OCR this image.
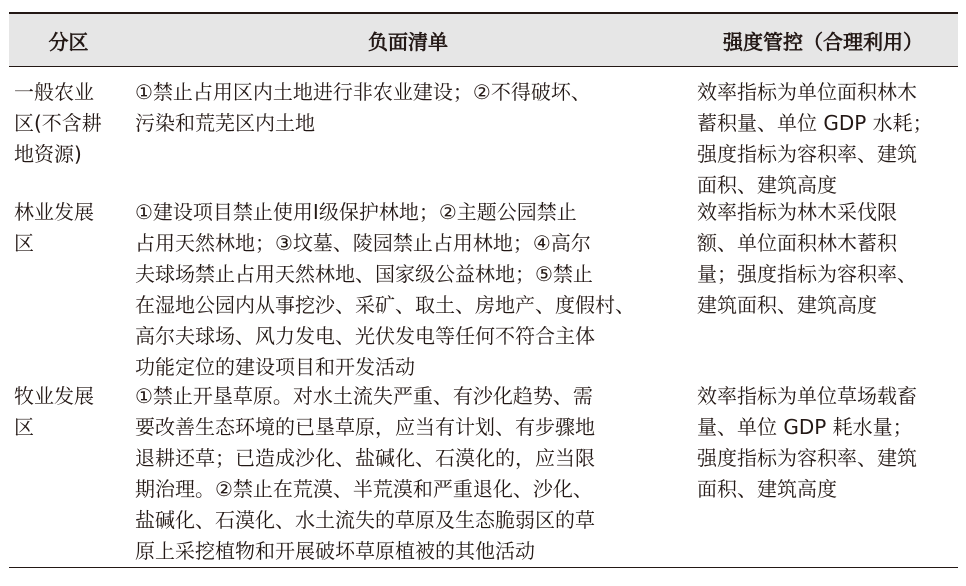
分区	负面清单	强度管控（合理利用）
一般农业
区(不含耕
地资源)
①禁止占用区内土地进行非农业建设；②不得破坏、
污染和荒芜区内土地
效率指标为单位面积林木
蓄积量、单位 GDP 水耗；
强度指标为容积率、建筑
面积、建筑高度
林业发展
区
①建设项目禁止使用Ⅰ级保护林地；②主题公园禁止
占用天然林地；③坟墓、陵园禁止占用林地；④高尔
夫球场禁止占用天然林地、国家级公益林地；⑤禁止
在湿地公园内从事挖沙、采矿、取土、房地产、度假村、
高尔夫球场、风力发电、光伏发电等任何不符合主体
功能定位的建设项目和开发活动
效率指标为林木采伐限
额、单位面积林木蓄积
量；强度指标为容积率、
建筑面积、建筑高度
牧业发展
区
①禁止开垦草原。对水土流失严重、有沙化趋势、需
要改善生态环境的已垦草原，应当有计划、有步骤地
退耕还草；已造成沙化、盐碱化、石漠化的，应当限
期治理。②禁止在荒漠、半荒漠和严重退化、沙化、
盐碱化、石漠化、水土流失的草原及生态脆弱区的草
原上采挖植物和开展破坏草原植被的其他活动
效率指标为单位草场载畜
量、单位 GDP 耗水量；
强度指标为容积率、建筑
面积、建筑高度
